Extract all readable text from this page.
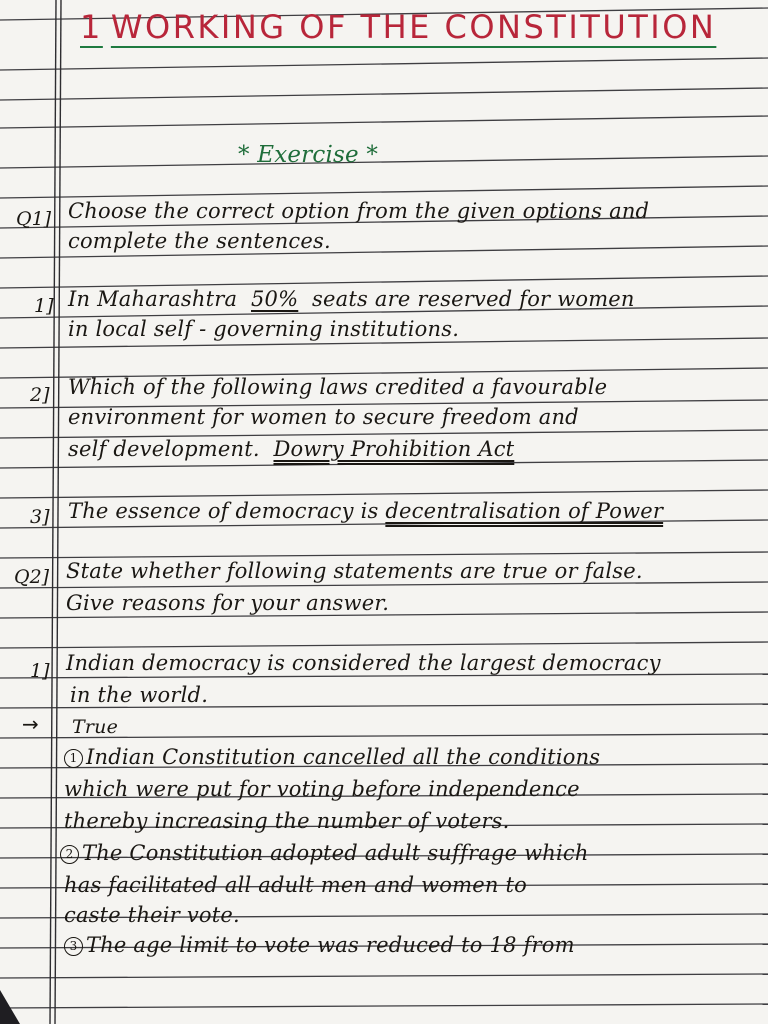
1 WORKING OF THE CONSTITUTION
* Exercise *
Q1] Choose the correct option from the given options and
complete the sentences.
1] In Maharashtra 50% seats are reserved for women
in local self - governing institutions.
2] Which of the following laws credited a favourable
environment for women to secure freedom and
self development. Dowry Prohibition Act
3] The essence of democracy is decentralisation of Power
Q2] State whether following statements are true or false.
Give reasons for your answer.
1] Indian democracy is considered the largest democracy
in the world.
→ True
1 Indian Constitution cancelled all the conditions
which were put for voting before independence
thereby increasing the number of voters.
2 The Constitution adopted adult suffrage which
has facilitated all adult men and women to
caste their vote.
3 The age limit to vote was reduced to 18 from
